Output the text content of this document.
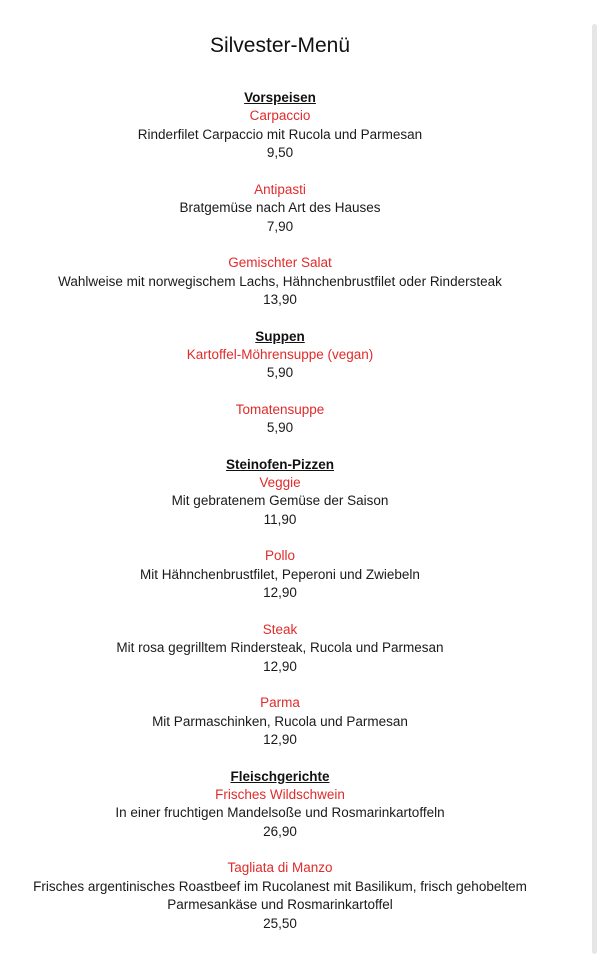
Silvester-Menü
Vorspeisen
Carpaccio
Rinderfilet Carpaccio mit Rucola und Parmesan
9,50
Antipasti
Bratgemüse nach Art des Hauses
7,90
Gemischter Salat
Wahlweise mit norwegischem Lachs, Hähnchenbrustfilet oder Rindersteak
13,90
Suppen
Kartoffel-Möhrensuppe (vegan)
5,90
Tomatensuppe
5,90
Steinofen-Pizzen
Veggie
Mit gebratenem Gemüse der Saison
11,90
Pollo
Mit Hähnchenbrustfilet, Peperoni und Zwiebeln
12,90
Steak
Mit rosa gegrilltem Rindersteak, Rucola und Parmesan
12,90
Parma
Mit Parmaschinken, Rucola und Parmesan
12,90
Fleischgerichte
Frisches Wildschwein
In einer fruchtigen Mandelsoße und Rosmarinkartoffeln
26,90
Tagliata di Manzo
Frisches argentinisches Roastbeef im Rucolanest mit Basilikum, frisch gehobeltem Parmesankäse und Rosmarinkartoffel
25,50
